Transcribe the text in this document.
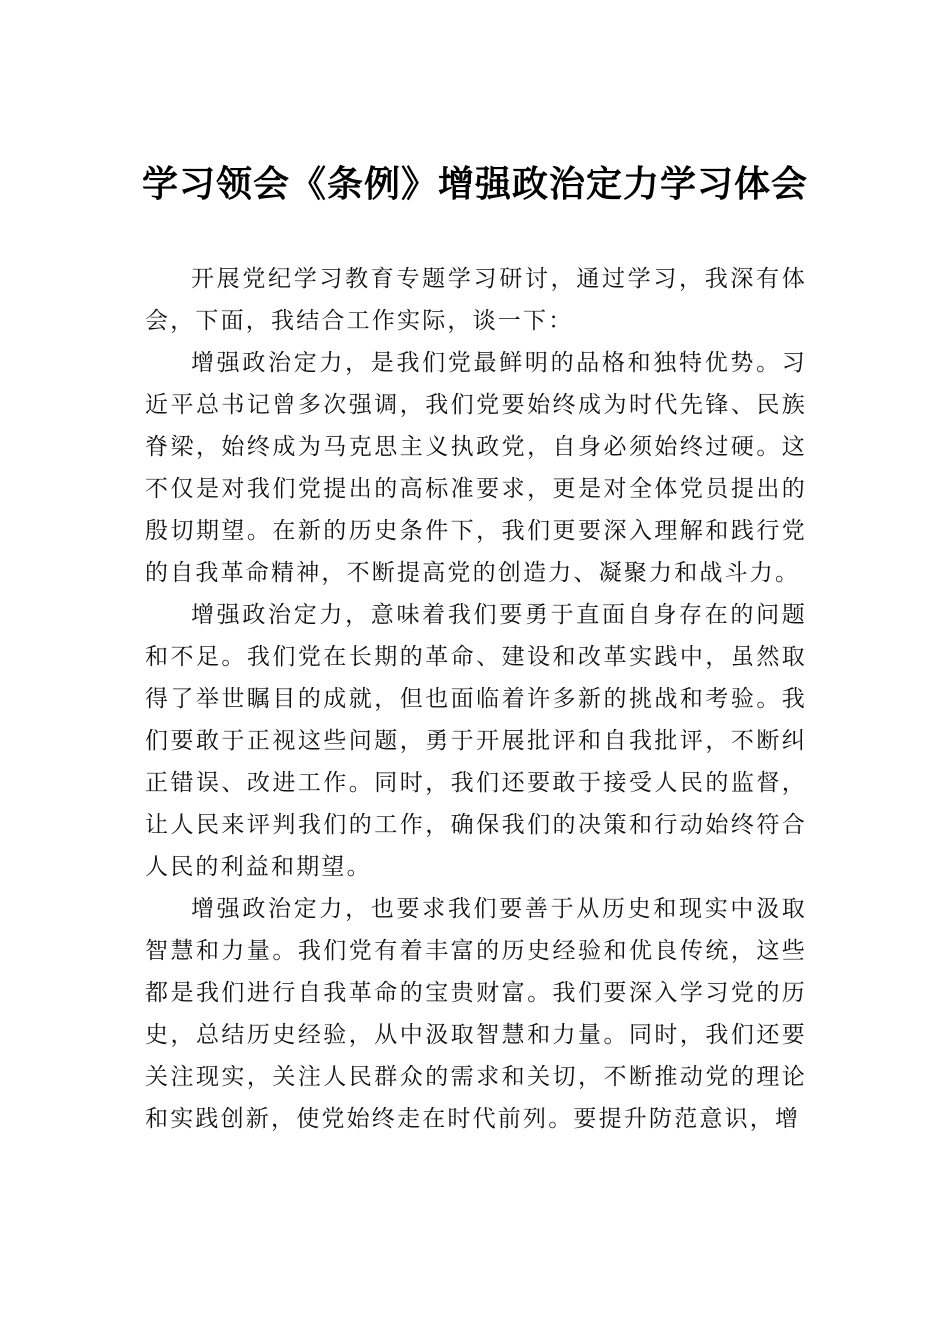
学习领会《条例》增强政治定力学习体会

开展党纪学习教育专题学习研讨，通过学习，我深有体会，下面，我结合工作实际，谈一下：

增强政治定力，是我们党最鲜明的品格和独特优势。习近平总书记曾多次强调，我们党要始终成为时代先锋、民族脊梁，始终成为马克思主义执政党，自身必须始终过硬。这不仅是对我们党提出的高标准要求，更是对全体党员提出的殷切期望。在新的历史条件下，我们更要深入理解和践行党的自我革命精神，不断提高党的创造力、凝聚力和战斗力。

增强政治定力，意味着我们要勇于直面自身存在的问题和不足。我们党在长期的革命、建设和改革实践中，虽然取得了举世瞩目的成就，但也面临着许多新的挑战和考验。我们要敢于正视这些问题，勇于开展批评和自我批评，不断纠正错误、改进工作。同时，我们还要敢于接受人民的监督，让人民来评判我们的工作，确保我们的决策和行动始终符合人民的利益和期望。

增强政治定力，也要求我们要善于从历史和现实中汲取智慧和力量。我们党有着丰富的历史经验和优良传统，这些都是我们进行自我革命的宝贵财富。我们要深入学习党的历史，总结历史经验，从中汲取智慧和力量。同时，我们还要关注现实，关注人民群众的需求和关切，不断推动党的理论和实践创新，使党始终走在时代前列。要提升防范意识，增
